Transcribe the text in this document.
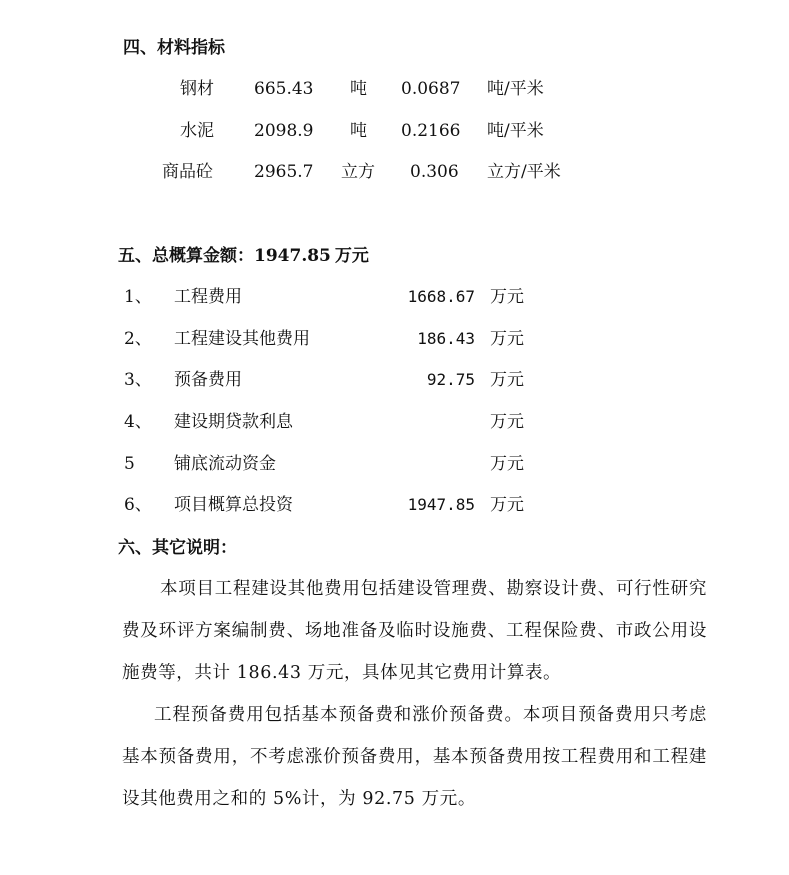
四、材料指标
钢材 665.43 吨 0.0687 吨/平米
水泥 2098.9 吨 0.2166 吨/平米
商品砼 2965.7 立方 0.306 立方/平米
五、总概算金额：1947.85 万元
1、 工程费用	1668.67 万元
2、 工程建设其他费用	186.43 万元
3、 预备费用	92.75 万元
4、 建设期贷款利息	万元
5 铺底流动资金	万元
6、 项目概算总投资	1947.85 万元
六、其它说明：
本项目工程建设其他费用包括建设管理费、勘察设计费、可行性研究费及环评方案编制费、场地准备及临时设施费、工程保险费、市政公用设施费等，共计 186.43 万元，具体见其它费用计算表。
工程预备费用包括基本预备费和涨价预备费。本项目预备费用只考虑基本预备费用，不考虑涨价预备费用，基本预备费用按工程费用和工程建设其他费用之和的 5%计，为 92.75 万元。
